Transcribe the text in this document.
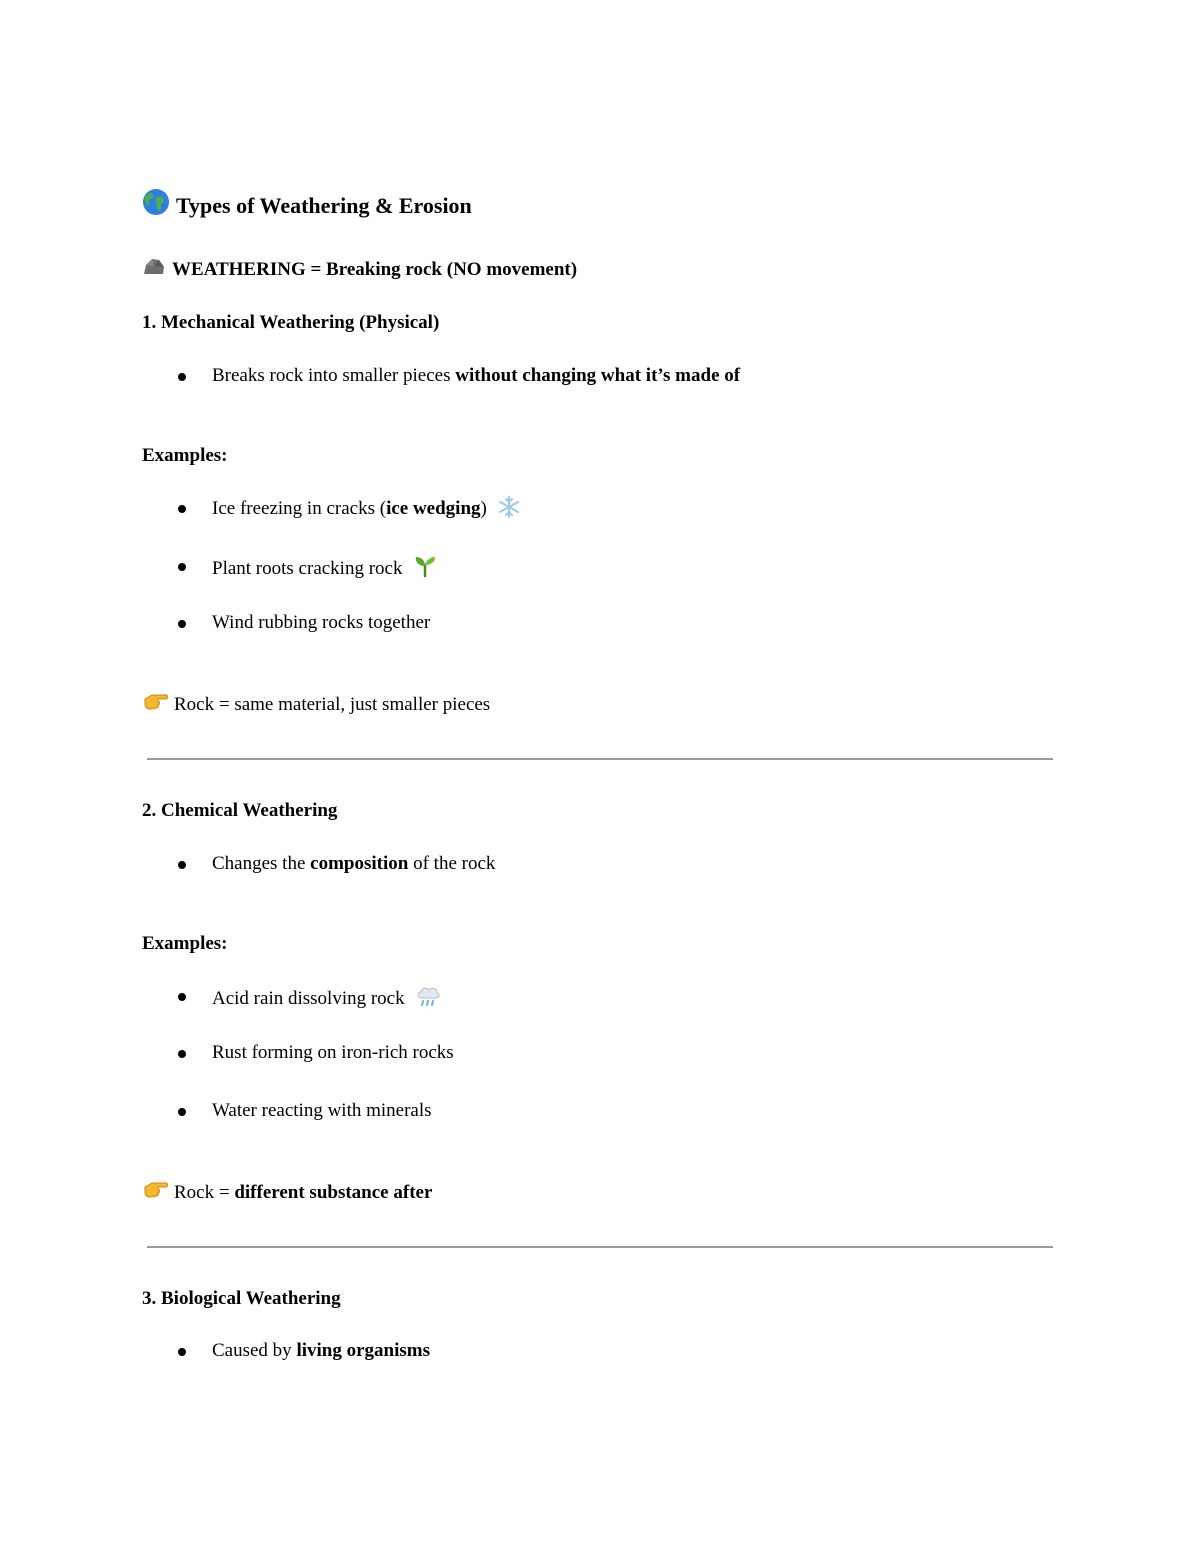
Types of Weathering & Erosion
WEATHERING = Breaking rock (NO movement)
1. Mechanical Weathering (Physical)
Breaks rock into smaller pieces without changing what it’s made of
Examples:
Ice freezing in cracks (ice wedging)
Plant roots cracking rock
Wind rubbing rocks together
Rock = same material, just smaller pieces
2. Chemical Weathering
Changes the composition of the rock
Examples:
Acid rain dissolving rock
Rust forming on iron-rich rocks
Water reacting with minerals
Rock = different substance after
3. Biological Weathering
Caused by living organisms
